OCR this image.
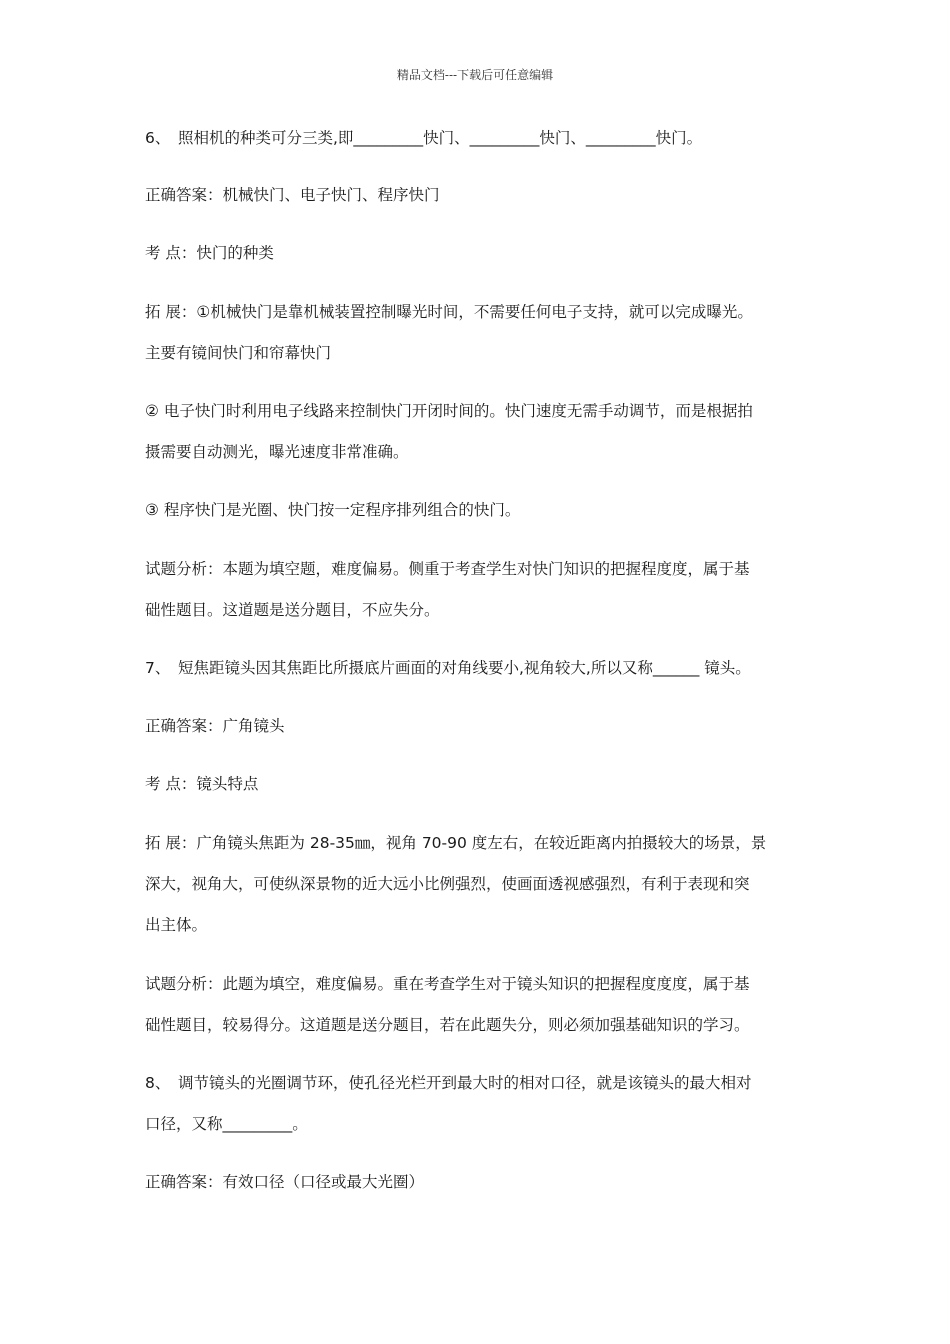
精品文档---下载后可任意编辑
6、 照相机的种类可分三类,即_________快门、_________快门、_________快门。
正确答案：机械快门、电子快门、程序快门
考 点：快门的种类
拓 展：①机械快门是靠机械装置控制曝光时间，不需要任何电子支持，就可以完成曝光。
主要有镜间快门和帘幕快门
② 电子快门时利用电子线路来控制快门开闭时间的。快门速度无需手动调节，而是根据拍
摄需要自动测光，曝光速度非常准确。
③ 程序快门是光圈、快门按一定程序排列组合的快门。
试题分析：本题为填空题，难度偏易。侧重于考查学生对快门知识的把握程度度，属于基
础性题目。这道题是送分题目，不应失分。
7、 短焦距镜头因其焦距比所摄底片画面的对角线要小,视角较大,所以又称______ 镜头。
正确答案：广角镜头
考 点：镜头特点
拓 展：广角镜头焦距为 28-35㎜，视角 70-90 度左右，在较近距离内拍摄较大的场景，景
深大，视角大，可使纵深景物的近大远小比例强烈，使画面透视感强烈，有利于表现和突
出主体。
试题分析：此题为填空，难度偏易。重在考查学生对于镜头知识的把握程度度度，属于基
础性题目，较易得分。这道题是送分题目，若在此题失分，则必须加强基础知识的学习。
8、 调节镜头的光圈调节环，使孔径光栏开到最大时的相对口径，就是该镜头的最大相对
口径，又称_________。
正确答案：有效口径（口径或最大光圈）
